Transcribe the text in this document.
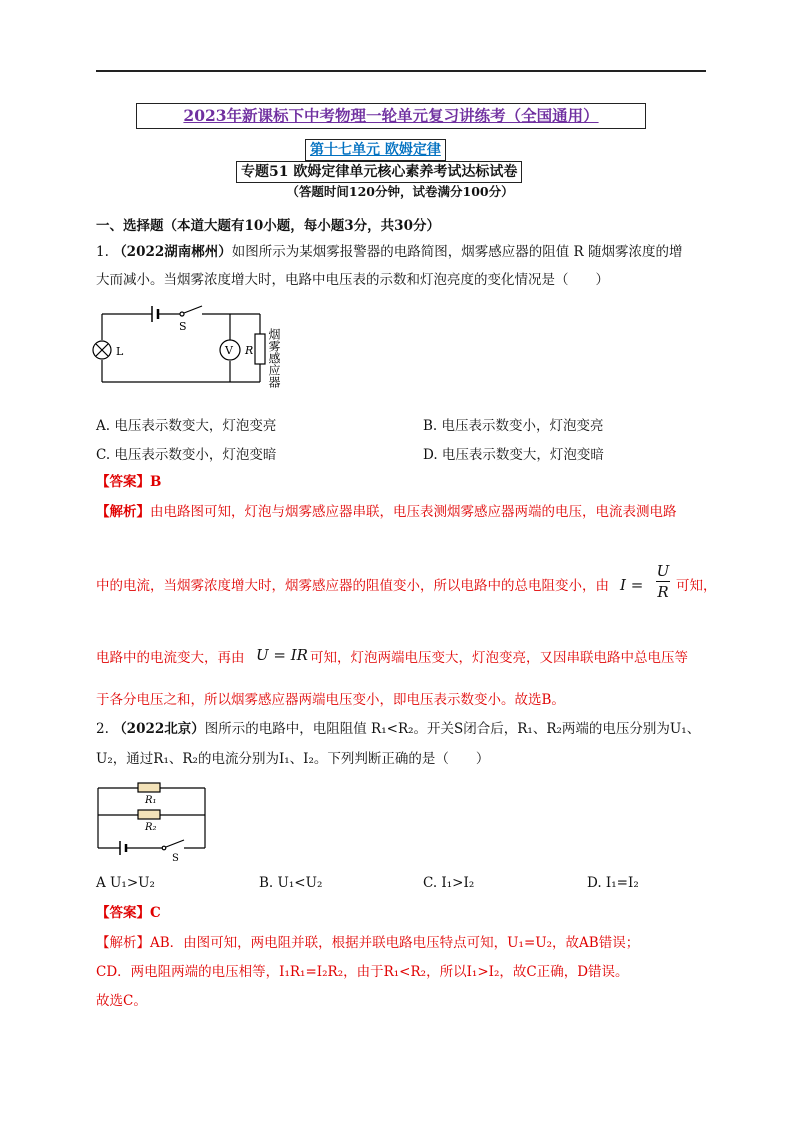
2023年新课标下中考物理一轮单元复习讲练考（全国通用）
第十七单元 欧姆定律
专题51 欧姆定律单元核心素养考试达标试卷
（答题时间120分钟，试卷满分100分）
一、选择题（本道大题有10小题，每小题3分，共30分）
1. （2022湖南郴州）如图所示为某烟雾报警器的电路简图，烟雾感应器的阻值 R 随烟雾浓度的增
大而减小。当烟雾浓度增大时，电路中电压表的示数和灯泡亮度的变化情况是（　　）
S
L	V R 烟雾感应器
A. 电压表示数变大，灯泡变亮	B. 电压表示数变小，灯泡变亮
C. 电压表示数变小，灯泡变暗	D. 电压表示数变大，灯泡变暗
【答案】B
【解析】由电路图可知，灯泡与烟雾感应器串联，电压表测烟雾感应器两端的电压，电流表测电路
中的电流，当烟雾浓度增大时，烟雾感应器的阻值变小，所以电路中的总电阻变小，由 I =
U
R 可知，
电路中的电流变大，再由 U = IR 可知，灯泡两端电压变大，灯泡变亮，又因串联电路中总电压等
于各分电压之和，所以烟雾感应器两端电压变小，即电压表示数变小。故选B。
2. （2022北京）图所示的电路中，电阻阻值 R₁<R₂。开关S闭合后，R₁、R₂两端的电压分别为U₁、
U₂，通过R₁、R₂的电流分别为I₁、I₂。下列判断正确的是（　　）
R₁
R₂
S
A U₁>U₂	B. U₁<U₂	C. I₁>I₂	D. I₁=I₂
【答案】C
【解析】AB．由图可知，两电阻并联，根据并联电路电压特点可知，U₁=U₂，故AB错误；
CD．两电阻两端的电压相等，I₁R₁=I₂R₂，由于R₁<R₂，所以I₁>I₂，故C正确，D错误。
故选C。
